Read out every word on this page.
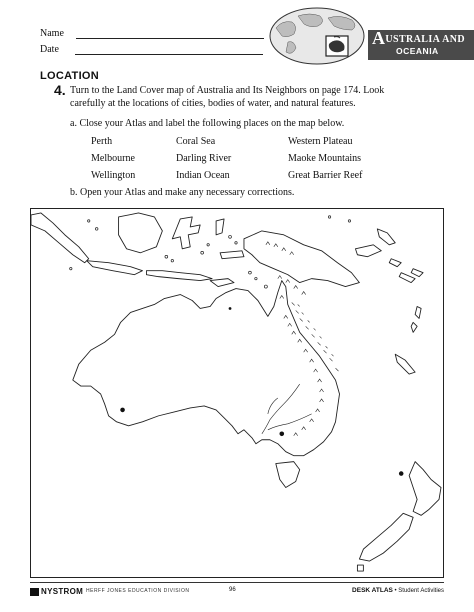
Name
Date
AUSTRALIA AND
OCEANIA
LOCATION
4. Turn to the Land Cover map of Australia and Its Neighbors on page 174. Look carefully at the locations of cities, bodies of water, and natural features.
a. Close your Atlas and label the following places on the map below.
Perth	Coral Sea	Western Plateau
Melbourne	Darling River	Maoke Mountains
Wellington	Indian Ocean	Great Barrier Reef
b. Open your Atlas and make any necessary corrections.
NYSTROM HERFF JONES EDUCATION DIVISION	96	DESK ATLAS • Student Activities
